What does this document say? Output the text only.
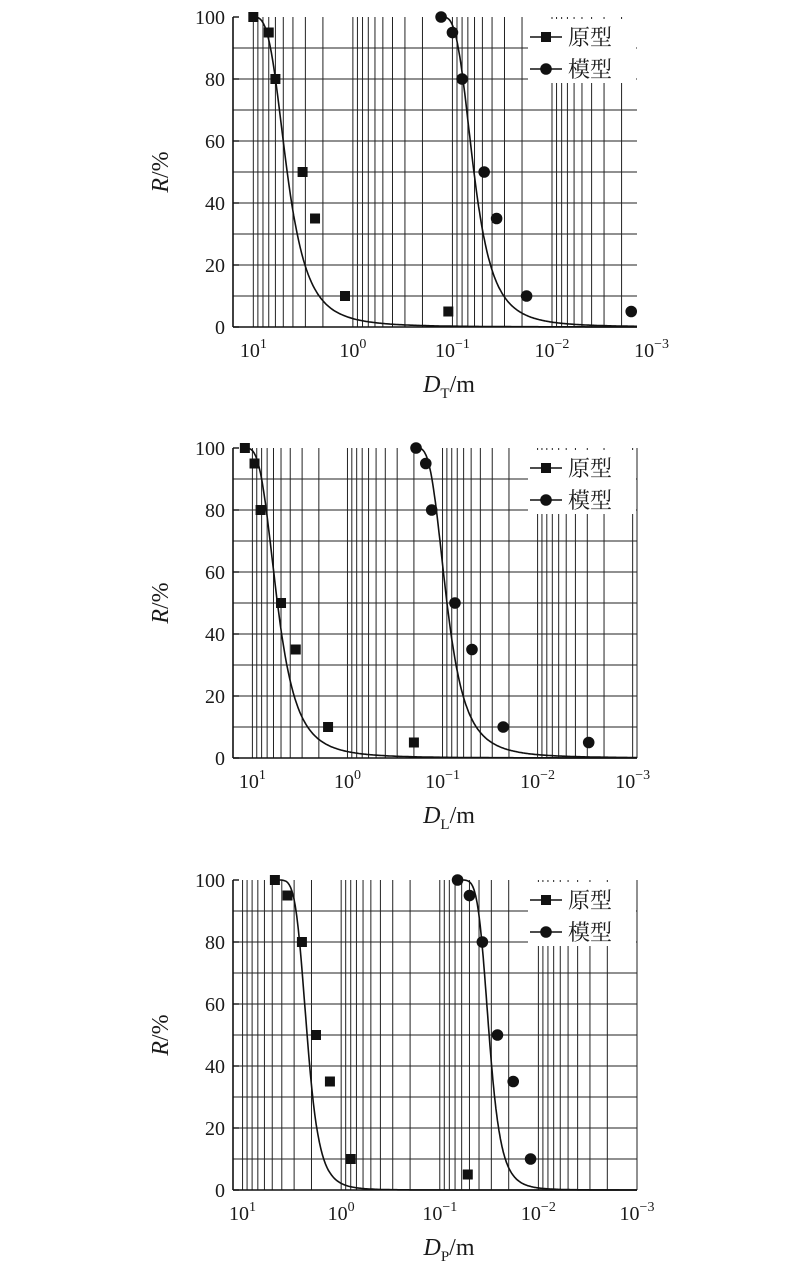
0
20
40
60
80
100
$10^1$	$10^0$	$10^{-1}$	$10^{-2}$	$10^{-3}$
R/%
$D_T/m$
原型
模型
0
20
40
60
80
100
$10^1$	$10^0$	$10^{-1}$	$10^{-2}$	$10^{-3}$
R/%
$D_L/m$
原型
模型
0
20
40
60
80
100
$10^1$	$10^0$	$10^{-1}$	$10^{-2}$	$10^{-3}$
R/%
$D_P/m$
原型
模型
